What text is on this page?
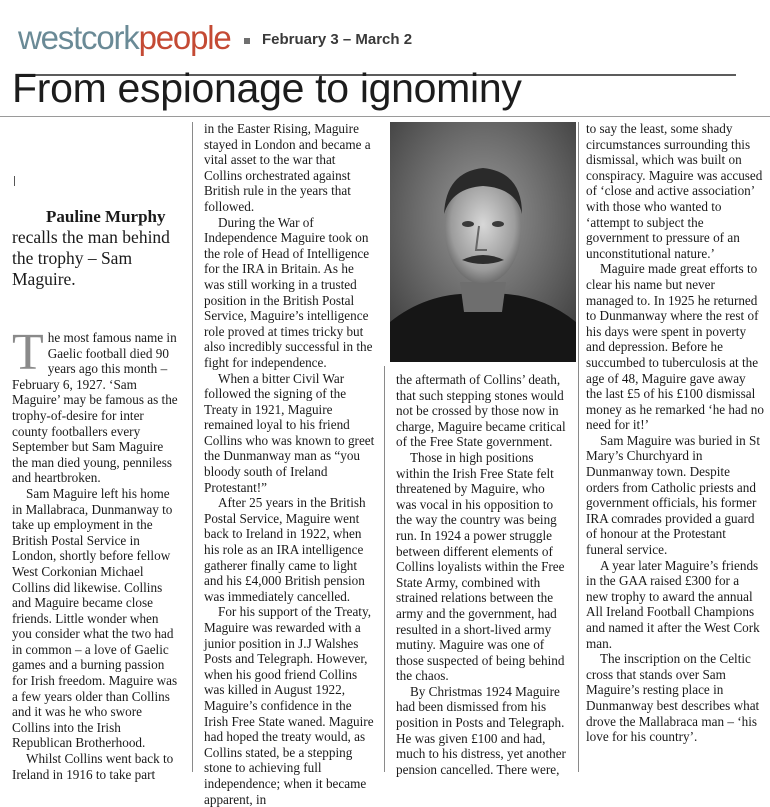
westcorkpeople February 3 – March 2
From espionage to ignominy
Pauline Murphy
recalls the man behind the trophy – Sam Maguire.

The most famous name in Gaelic football died 90 years ago this month – February 6, 1927. ‘Sam Maguire’ may be famous as the trophy-of-desire for inter county footballers every September but Sam Maguire the man died young, penniless and heartbroken.

Sam Maguire left his home in Mallabraca, Dunmanway to take up employment in the British Postal Service in London, shortly before fellow West Corkonian Michael Collins did likewise. Collins and Maguire became close friends. Little wonder when you consider what the two had in common – a love of Gaelic games and a burning passion for Irish freedom. Maguire was a few years older than Collins and it was he who swore Collins into the Irish Republican Brotherhood.

Whilst Collins went back to Ireland in 1916 to take part

in the Easter Rising, Maguire stayed in London and became a vital asset to the war that Collins orchestrated against British rule in the years that followed.

During the War of Independence Maguire took on the role of Head of Intelligence for the IRA in Britain. As he was still working in a trusted position in the British Postal Service, Maguire’s intelligence role proved at times tricky but also incredibly successful in the fight for independence.

When a bitter Civil War followed the signing of the Treaty in 1921, Maguire remained loyal to his friend Collins who was known to greet the Dunmanway man as “you bloody south of Ireland Protestant!”

After 25 years in the British Postal Service, Maguire went back to Ireland in 1922, when his role as an IRA intelligence gatherer finally came to light and his £4,000 British pension was immediately cancelled.

For his support of the Treaty, Maguire was rewarded with a junior position in J.J Walshes Posts and Telegraph. However, when his good friend Collins was killed in August 1922, Maguire’s confidence in the Irish Free State waned. Maguire had hoped the treaty would, as Collins stated, be a stepping stone to achieving full independence; when it became apparent, in

the aftermath of Collins’ death, that such stepping stones would not be crossed by those now in charge, Maguire became critical of the Free State government.

Those in high positions within the Irish Free State felt threatened by Maguire, who was vocal in his opposition to the way the country was being run. In 1924 a power struggle between different elements of Collins loyalists within the Free State Army, combined with strained relations between the army and the government, had resulted in a short-lived army mutiny. Maguire was one of those suspected of being behind the chaos.

By Christmas 1924 Maguire had been dismissed from his position in Posts and Telegraph. He was given £100 and had, much to his distress, yet another pension cancelled. There were,

to say the least, some shady circumstances surrounding this dismissal, which was built on conspiracy. Maguire was accused of ‘close and active association’ with those who wanted to ‘attempt to subject the government to pressure of an unconstitutional nature.’

Maguire made great efforts to clear his name but never managed to. In 1925 he returned to Dunmanway where the rest of his days were spent in poverty and depression. Before he succumbed to tuberculosis at the age of 48, Maguire gave away the last £5 of his £100 dismissal money as he remarked ‘he had no need for it!’

Sam Maguire was buried in St Mary’s Churchyard in Dunmanway town. Despite orders from Catholic priests and government officials, his former IRA comrades provided a guard of honour at the Protestant funeral service.

A year later Maguire’s friends in the GAA raised £300 for a new trophy to award the annual All Ireland Football Champions and named it after the West Cork man.

The inscription on the Celtic cross that stands over Sam Maguire’s resting place in Dunmanway best describes what drove the Mallabraca man – ‘his love for his country’.
